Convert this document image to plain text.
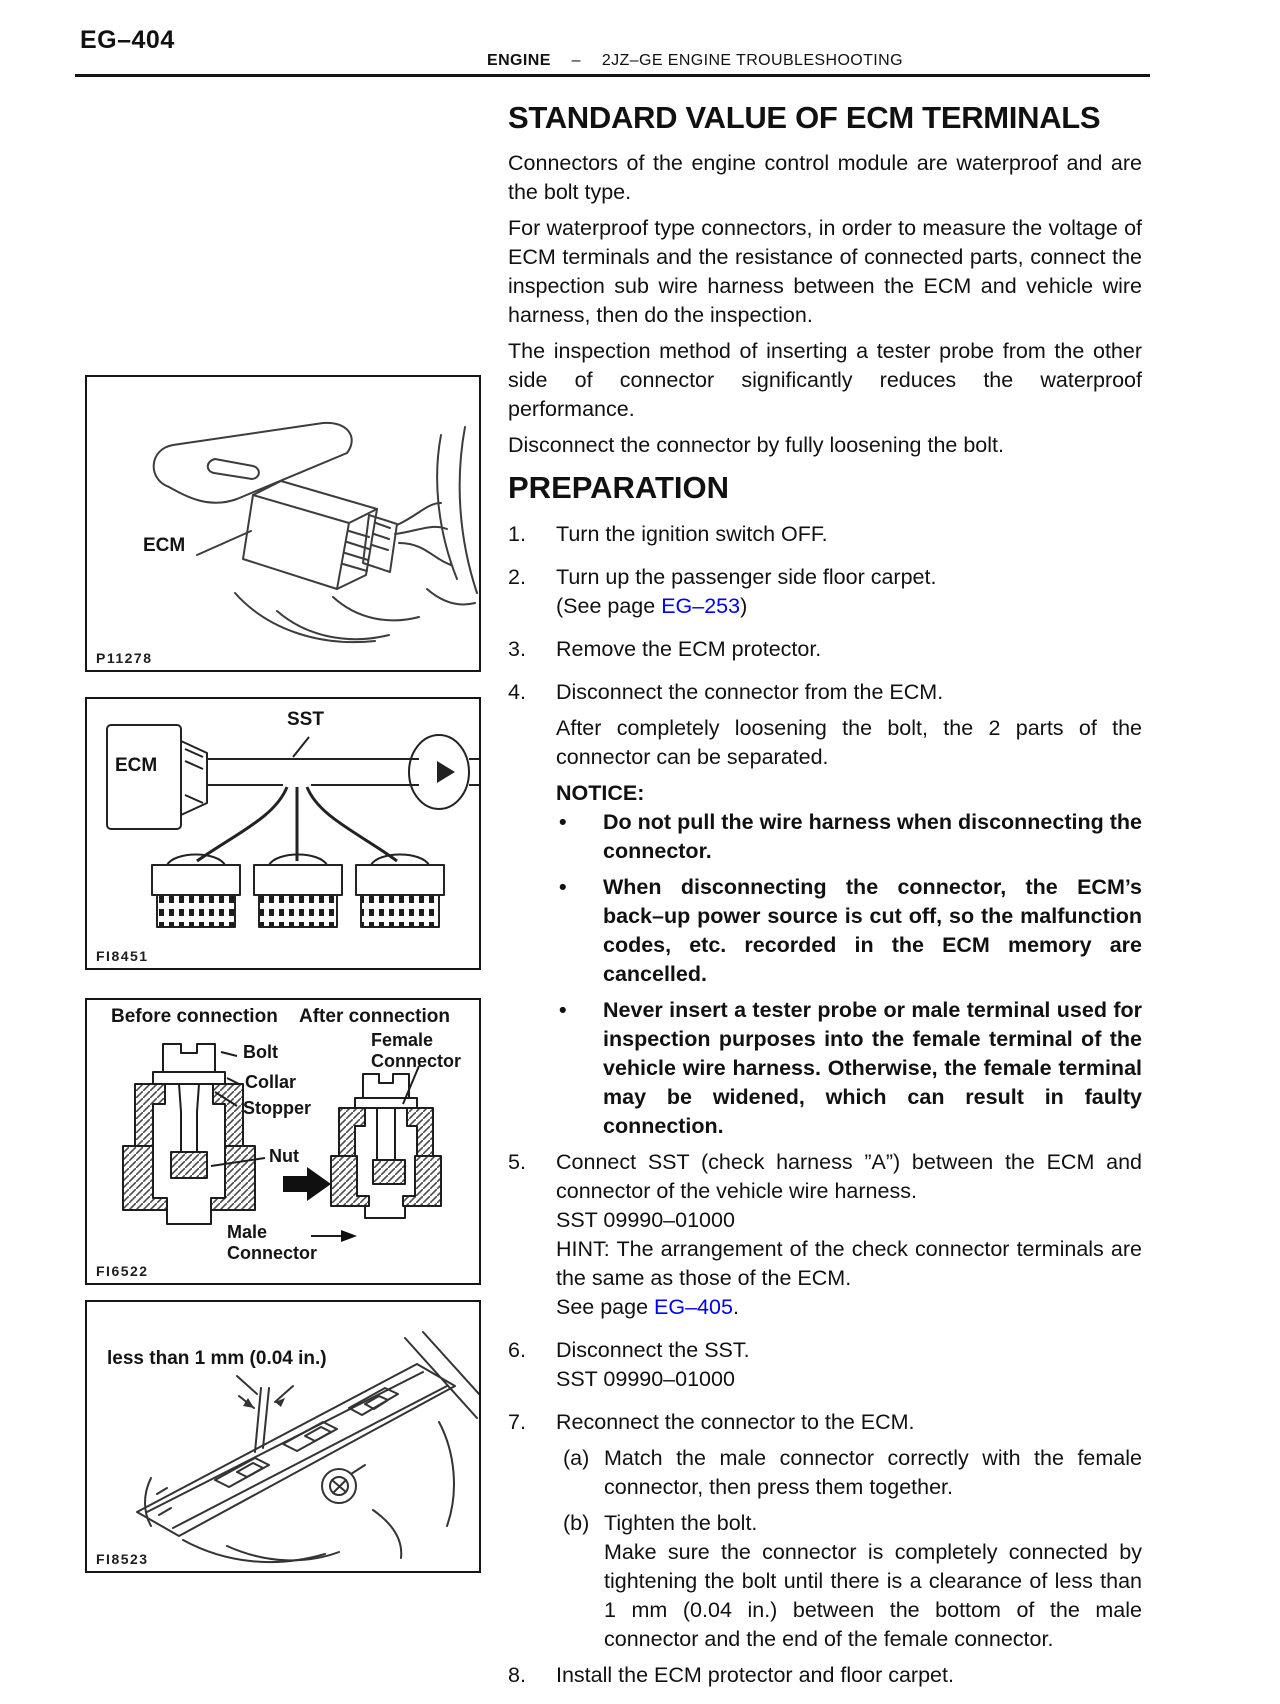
EG–404
ENGINE – 2JZ–GE ENGINE TROUBLESHOOTING
STANDARD VALUE OF ECM TERMINALS

Connectors of the engine control module are waterproof and are the bolt type.

For waterproof type connectors, in order to measure the voltage of ECM terminals and the resistance of connected parts, connect the inspection sub wire harness between the ECM and vehicle wire harness, then do the inspection.

The inspection method of inserting a tester probe from the other side of connector significantly reduces the waterproof performance.

Disconnect the connector by fully loosening the bolt.

PREPARATION
1.	Turn the ignition switch OFF.

2.	Turn up the passenger side floor carpet.

(See page EG–253)

3.	Remove the ECM protector.

4.	Disconnect the connector from the ECM.

After completely loosening the bolt, the 2 parts of the connector can be separated.

NOTICE:

•	Do not pull the wire harness when disconnecting the connector.

•	When disconnecting the connector, the ECM’s back–up power source is cut off, so the malfunction codes, etc. recorded in the ECM memory are cancelled.

•	Never insert a tester probe or male terminal used for inspection purposes into the female terminal of the vehicle wire harness. Otherwise, the female terminal may be widened, which can result in faulty connection.

5.	Connect SST (check harness ”A”) between the ECM and connector of the vehicle wire harness.

SST 09990–01000

HINT: The arrangement of the check connector terminals are the same as those of the ECM.

See page EG–405.

6.	Disconnect the SST.

SST 09990–01000

7.	Reconnect the connector to the ECM.

(a) Match the male connector correctly with the female connector, then press them together.

(b) Tighten the bolt.

Make sure the connector is completely connected by tightening the bolt until there is a clearance of less than 1 mm (0.04 in.) between the bottom of the male connector and the end of the female connector.

8.	Install the ECM protector and floor carpet.

ECM
P11278
SST
ECM
FI8451
Before connection After connection
Female Connector
Bolt
Collar
Stopper
Nut
Male Connector
FI6522
less than 1 mm (0.04 in.)
FI8523
